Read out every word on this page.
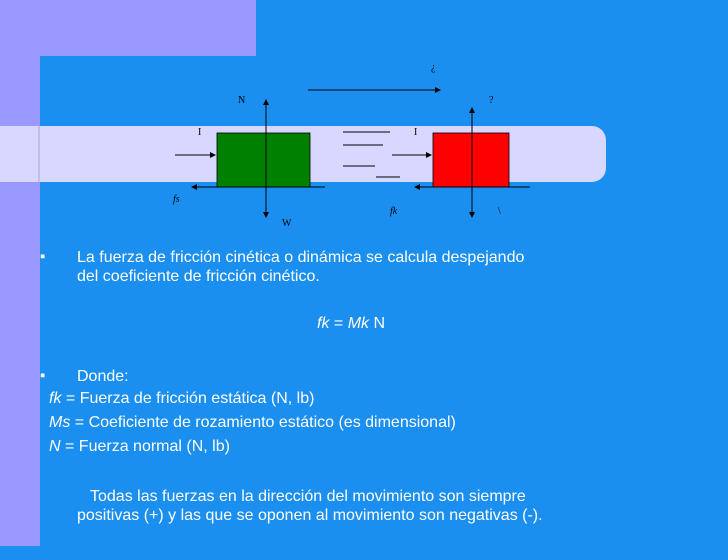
N
W
fs
fk
I	I
¿
?
\
▪ La fuerza de fricción cinética o dinámica se calcula despejando
del coeficiente de fricción cinético.
fk = Mk N
▪ Donde:
fk = Fuerza de fricción estática (N, lb)
Ms = Coeficiente de rozamiento estático (es dimensional)
N = Fuerza normal (N, lb)
Todas las fuerzas en la dirección del movimiento son siempre
positivas (+) y las que se oponen al movimiento son negativas (-).
